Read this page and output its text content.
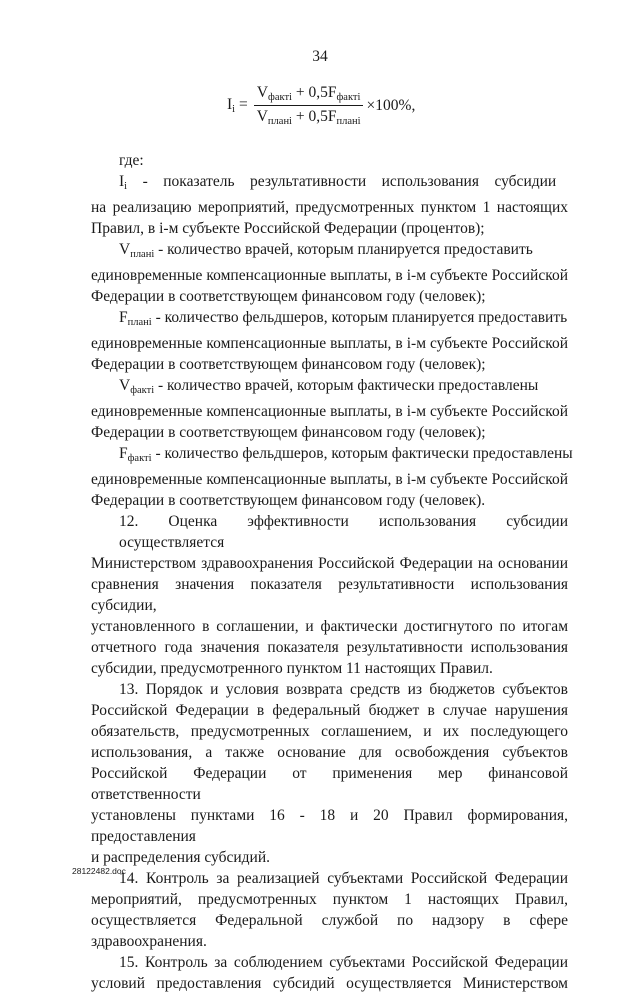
34
$I_i = \frac{V_{факті} + 0,5F_{факті}}{V_{планi} + 0,5F_{планi}} \times 100\%$,
где:
$I_i$ -    показатель    результативности    использования    субсидии
на реализацию мероприятий, предусмотренных пунктом 1 настоящих
Правил, в i-м субъекте Российской Федерации (процентов);
$V_{планi}$ - количество врачей, которым планируется предоставить
единовременные компенсационные выплаты, в i-м субъекте Российской
Федерации в соответствующем финансовом году (человек);
$F_{планi}$ - количество фельдшеров, которым планируется предоставить
единовременные компенсационные выплаты, в i-м субъекте Российской
Федерации в соответствующем финансовом году (человек);
$V_{факті}$ - количество врачей, которым фактически предоставлены
единовременные компенсационные выплаты, в i-м субъекте Российской
Федерации в соответствующем финансовом году (человек);
$F_{факті}$ - количество фельдшеров, которым фактически предоставлены
единовременные компенсационные выплаты, в i-м субъекте Российской
Федерации в соответствующем финансовом году (человек).
12. Оценка эффективности использования субсидии осуществляется
Министерством здравоохранения Российской Федерации на основании
сравнения значения показателя результативности использования субсидии,
установленного в соглашении, и фактически достигнутого по итогам
отчетного года значения показателя результативности использования
субсидии, предусмотренного пунктом 11 настоящих Правил.
13. Порядок и условия возврата средств из бюджетов субъектов
Российской Федерации в федеральный бюджет в случае нарушения
обязательств, предусмотренных соглашением, и их последующего
использования, а также основание для освобождения субъектов
Российской Федерации от применения мер финансовой ответственности
установлены пунктами 16 - 18 и 20 Правил формирования, предоставления
и распределения субсидий.
14. Контроль за реализацией субъектами Российской Федерации
мероприятий, предусмотренных пунктом 1 настоящих Правил,
осуществляется Федеральной службой по надзору в сфере
здравоохранения.
15. Контроль за соблюдением субъектами Российской Федерации
условий предоставления субсидий осуществляется Министерством
28122482.doc
